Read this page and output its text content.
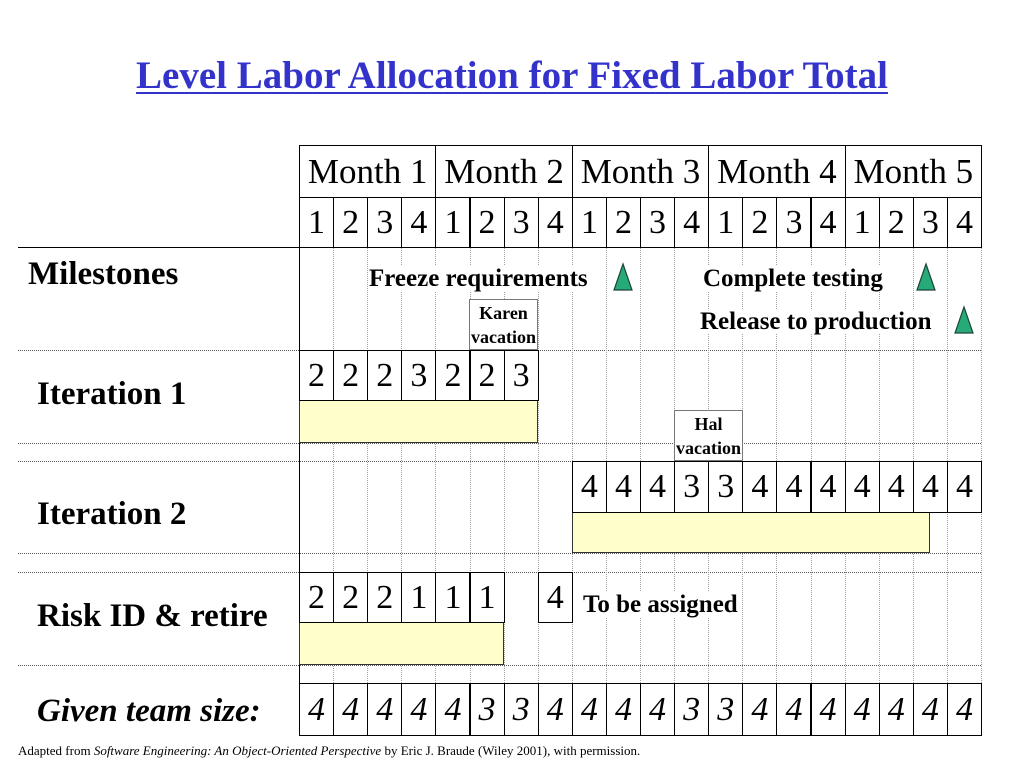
Level Labor Allocation for Fixed Labor Total
Month 1 Month 2 Month 3 Month 4 Month 5
1 2 3 4 1 2 3 4 1 2 3 4 1 2 3 4 1 2 3 4
2 2 2 3 2 2 3
4 4 4 3 3 4 4 4 4 4 4 4
2 2 2 1 1 1 4
4 4 4 4 4 3 3 4 4 4 4 3 3 4 4 4 4 4 4 4
Milestones
Iteration 1
Iteration 2
Risk ID & retire
Given team size:
Freeze requirements	Complete testing
Release to production
Karen
vacation
Hal
vacation
To be assigned
Adapted from Software Engineering: An Object-Oriented Perspective by Eric J. Braude (Wiley 2001), with permission.
